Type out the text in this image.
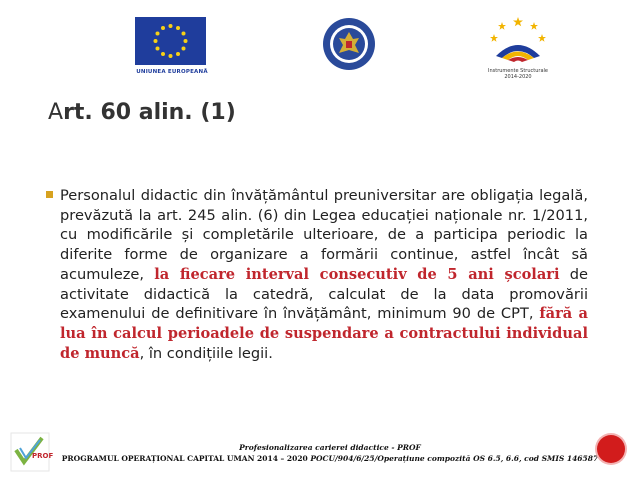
UNIUNEA EUROPEANĂ	Instrumente Structurale
2014-2020
Art. 60 alin. (1)

Personalul didactic din învățământul preuniversitar are obligația legală, prevăzută la art. 245 alin. (6) din Legea educației naționale nr. 1/2011, cu modificările și completările ulterioare, de a participa periodic la diferite forme de organizare a formării continue, astfel încât să acumuleze, la fiecare interval consecutiv de 5 ani școlari de activitate didactică la catedră, calculat de la data promovării examenului de definitivare în învățământ, minimum 90 de CPT, fără a lua în calcul perioadele de suspendare a contractului individual de muncă, în condițiile legii.

PROF
Profesionalizarea carierei didactice - PROF
PROGRAMUL OPERAȚIONAL CAPITAL UMAN 2014 – 2020 POCU/904/6/25/Operațiune compozită OS 6.5, 6.6, cod SMIS 146587
